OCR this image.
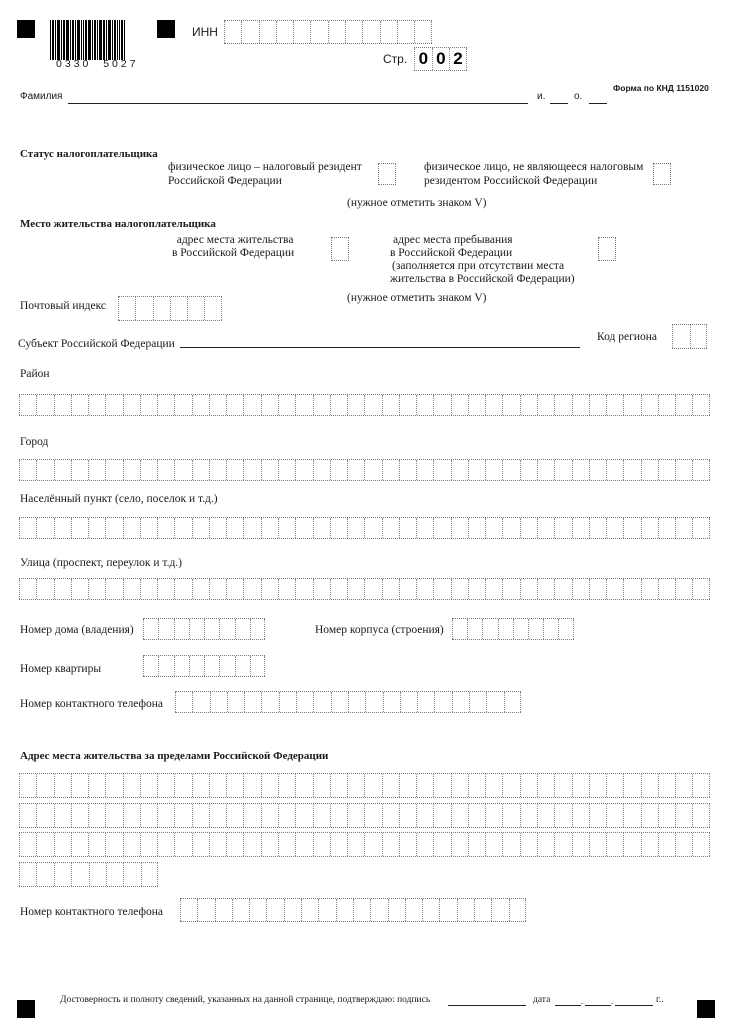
0330  5027
ИНН
Стр. 0 0 2
Форма по КНД 1151020
Фамилия	и.	о.
Статус налогоплательщика
физическое лицо – налоговый резидент
Российской Федерации
физическое лицо, не являющееся налоговым
резидентом Российской Федерации
(нужное отметить знаком V)
Место жительства налогоплательщика
адрес места жительства
в Российской Федерации
адрес места пребывания
в Российской Федерации
(заполняется при отсутствии места
жительства в Российской Федерации)
(нужное отметить знаком V)
Почтовый индекс
Субъект Российской Федерации
Код региона
Район
Город
Населённый пункт (село, поселок и т.д.)
Улица (проспект, переулок и т.д.)
Номер дома (владения)	Номер корпуса (строения)
Номер квартиры
Номер контактного телефона
Адрес места жительства за пределами Российской Федерации
Номер контактного телефона
Достоверность и полноту сведений, указанных на данной странице, подтверждаю: подпись	дата	.	.	г..
